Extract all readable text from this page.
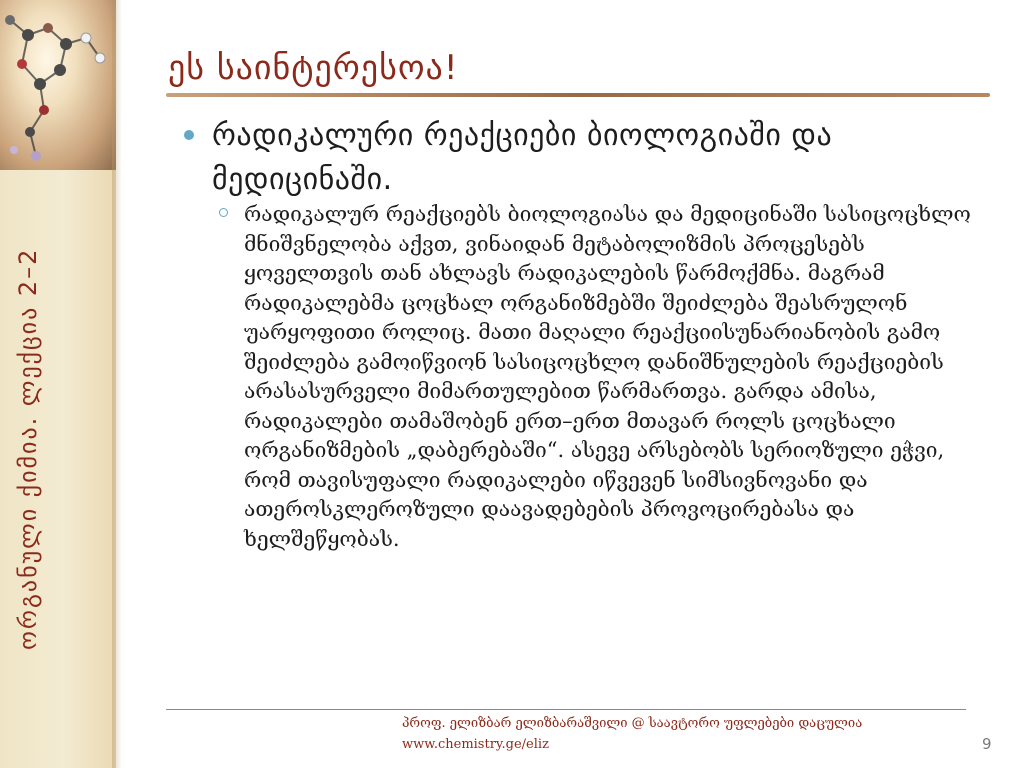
ორგანული ქიმია. ლექცია 2–2
ეს საინტერესოა!
რადიკალური რეაქციები ბიოლოგიაში და მედიცინაში.
რადიკალურ რეაქციებს ბიოლოგიასა და მედიცინაში სასიცოცხლო მნიშვნელობა აქვთ, ვინაიდან მეტაბოლიზმის პროცესებს ყოველთვის თან ახლავს რადიკალების წარმოქმნა. მაგრამ რადიკალებმა ცოცხალ ორგანიზმებში შეიძლება შეასრულონ უარყოფითი როლიც. მათი მაღალი რეაქციისუნარიანობის გამო შეიძლება გამოიწვიონ სასიცოცხლო დანიშნულების რეაქციების არასასურველი მიმართულებით წარმართვა. გარდა ამისა, რადიკალები თამაშობენ ერთ–ერთ მთავარ როლს ცოცხალი ორგანიზმების „დაბერებაში“. ასევე არსებობს სერიოზული ეჭვი, რომ თავისუფალი რადიკალები იწვევენ სიმსივნოვანი და ათეროსკლეროზული დაავადებების პროვოცირებასა და ხელშეწყობას.
პროფ. ელიზბარ ელიზბარაშვილი @ საავტორო უფლებები დაცულია
www.chemistry.ge/eliz	9
